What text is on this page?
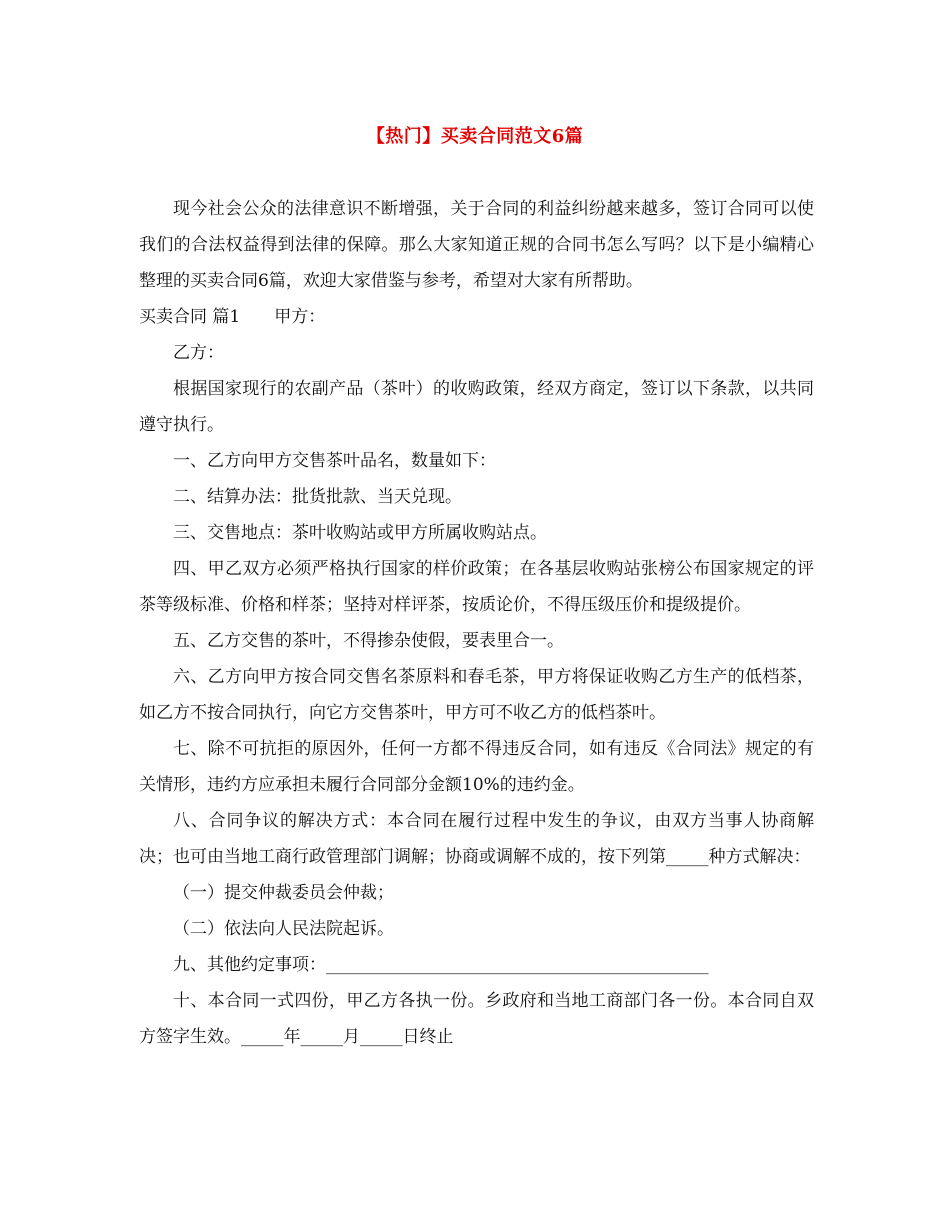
【热门】买卖合同范文6篇

现今社会公众的法律意识不断增强，关于合同的利益纠纷越来越多，签订合同可以使我们的合法权益得到法律的保障。那么大家知道正规的合同书怎么写吗？以下是小编精心整理的买卖合同6篇，欢迎大家借鉴与参考，希望对大家有所帮助。

买卖合同 篇1 甲方：

乙方：

根据国家现行的农副产品（茶叶）的收购政策，经双方商定，签订以下条款，以共同遵守执行。

一、乙方向甲方交售茶叶品名，数量如下：

二、结算办法：批货批款、当天兑现。

三、交售地点：茶叶收购站或甲方所属收购站点。

四、甲乙双方必须严格执行国家的样价政策；在各基层收购站张榜公布国家规定的评茶等级标准、价格和样茶；坚持对样评茶，按质论价，不得压级压价和提级提价。

五、乙方交售的茶叶，不得掺杂使假，要表里合一。

六、乙方向甲方按合同交售名茶原料和春毛茶，甲方将保证收购乙方生产的低档茶，如乙方不按合同执行，向它方交售茶叶，甲方可不收乙方的低档茶叶。

七、除不可抗拒的原因外，任何一方都不得违反合同，如有违反《合同法》规定的有关情形，违约方应承担未履行合同部分金额10%的违约金。

八、合同争议的解决方式：本合同在履行过程中发生的争议，由双方当事人协商解决；也可由当地工商行政管理部门调解；协商或调解不成的，按下列第_____种方式解决：

（一）提交仲裁委员会仲裁；

（二）依法向人民法院起诉。

九、其他约定事项：_____________________________________________

十、本合同一式四份，甲乙方各执一份。乡政府和当地工商部门各一份。本合同自双方签字生效。_____年_____月_____日终止
